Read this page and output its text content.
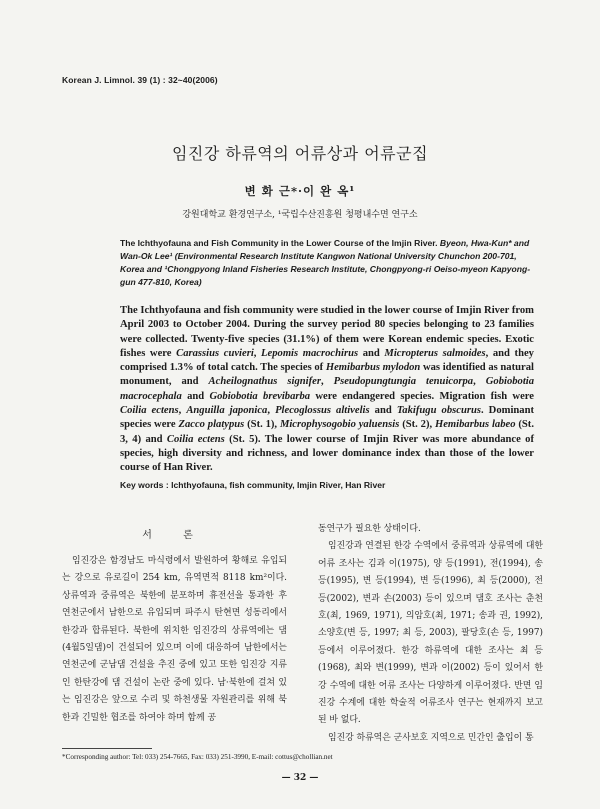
Korean J. Limnol. 39 (1) : 32~40(2006)
임진강 하류역의 어류상과 어류군집
변 화 근*·이 완 옥¹
강원대학교 환경연구소, ¹국립수산진흥원 청평내수면 연구소
The Ichthyofauna and Fish Community in the Lower Course of the Imjin River. Byeon, Hwa-Kun* and Wan-Ok Lee¹ (Environmental Research Institute Kangwon National University Chunchon 200-701, Korea and ¹Chongpyong Inland Fisheries Research Institute, Chongpyong-ri Oeiso-myeon Kapyong-gun 477-810, Korea)

The Ichthyofauna and fish community were studied in the lower course of Imjin River from April 2003 to October 2004. During the survey period 80 species belonging to 23 families were collected. Twenty-five species (31.1%) of them were Korean endemic species. Exotic fishes were Carassius cuvieri, Lepomis macrochirus and Micropterus salmoides, and they comprised 1.3% of total catch. The species of Hemibarbus mylodon was identified as natural monument, and Acheilognathus signifer, Pseudopungtungia tenuicorpa, Gobiobotia macrocephala and Gobiobotia brevibarba were endangered species. Migration fish were Coilia ectens, Anguilla japonica, Plecoglossus altivelis and Takifugu obscurus. Dominant species were Zacco platypus (St. 1), Microphysogobio yaluensis (St. 2), Hemibarbus labeo (St. 3, 4) and Coilia ectens (St. 5). The lower course of Imjin River was more abundance of species, high diversity and richness, and lower dominance index than those of the lower course of Han River.

Key words : Ichthyofauna, fish community, Imjin River, Han River
서 론

임진강은 함경남도 마식령에서 발원하여 황해로 유입되는 강으로 유로길이 254 km, 유역면적 8118 km²이다. 상류역과 중류역은 북한에 분포하며 휴전선을 통과한 후 연천군에서 남한으로 유입되며 파주시 탄현면 성동리에서 한강과 합류된다. 북한에 위치한 임진강의 상류역에는 댐(4월5일댐)이 건설되어 있으며 이에 대응하여 남한에서는 연천군에 군남댐 건설을 추진 중에 있고 또한 임진강 지류인 한탄강에 댐 건설이 논란 중에 있다. 남·북한에 걸쳐 있는 임진강은 앞으로 수리 및 하천생물 자원관리를 위해 북한과 긴밀한 협조를 하여야 하며 함께 공

동연구가 필요한 상태이다.

임진강과 연결된 한강 수역에서 중류역과 상류역에 대한 어류 조사는 김과 이(1975), 양 등(1991), 전(1994), 송 등(1995), 변 등(1994), 변 등(1996), 최 등(2000), 전 등(2002), 변과 손(2003) 등이 있으며 댐호 조사는 춘천호(최, 1969, 1971), 의암호(최, 1971; 송과 권, 1992), 소양호(변 등, 1997; 최 등, 2003), 팔당호(손 등, 1997) 등에서 이루어졌다. 한강 하류역에 대한 조사는 최 등(1968), 최와 변(1999), 변과 이(2002) 등이 있어서 한강 수역에 대한 어류 조사는 다양하게 이루어졌다. 반면 임진강 수계에 대한 학술적 어류조사 연구는 현재까지 보고된 바 없다.

임진강 하류역은 군사보호 지역으로 민간인 출입이 통

*Corresponding author: Tel: 033) 254-7665, Fax: 033) 251-3990, E-mail: cottus@chollian.net
— 32 —
